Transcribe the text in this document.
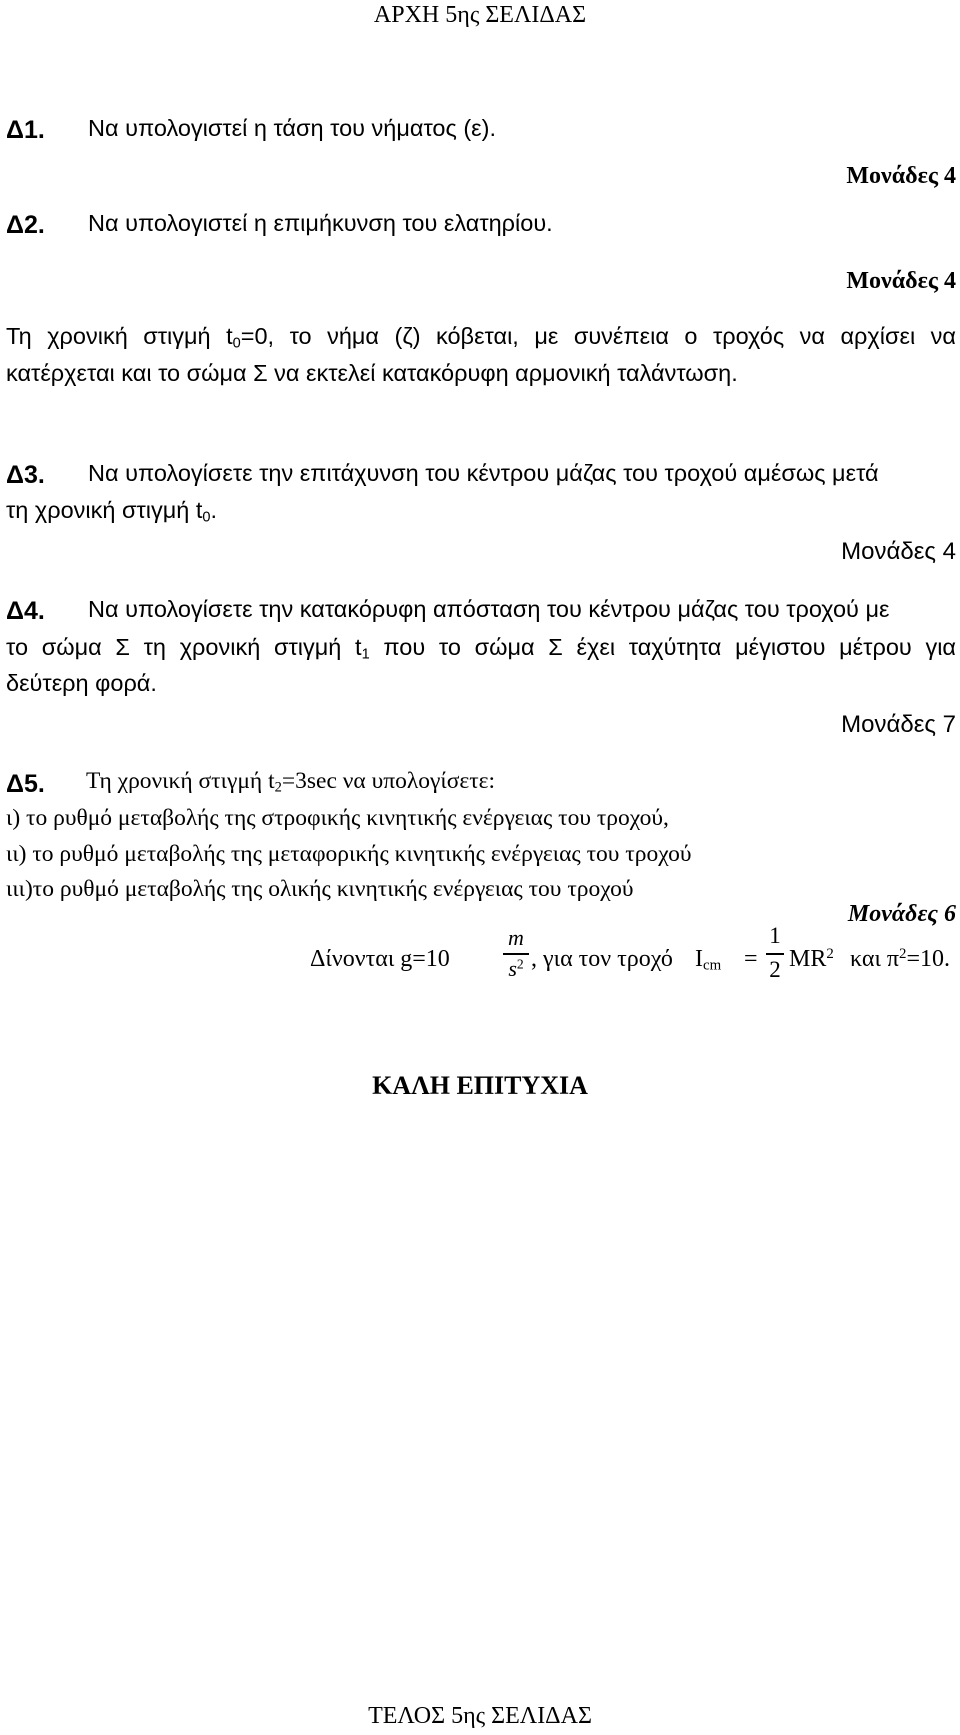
ΑΡΧΗ 5ης ΣΕΛΙΔΑΣ
Δ1. Να υπολογιστεί η τάση του νήματος (ε).
Μονάδες 4
Δ2. Να υπολογιστεί η επιμήκυνση του ελατηρίου.
Μονάδες 4
Τη χρονική στιγμή $t_0=0$, το νήμα (ζ) κόβεται, με συνέπεια ο τροχός να αρχίσει να
κατέρχεται και το σώμα Σ να εκτελεί κατακόρυφη αρμονική ταλάντωση.
Δ3. Να υπολογίσετε την επιτάχυνση του κέντρου μάζας του τροχού αμέσως μετά
τη χρονική στιγμή $t_0$.
Μονάδες 4
Δ4. Να υπολογίσετε την κατακόρυφη απόσταση του κέντρου μάζας του τροχού με
το σώμα Σ τη χρονική στιγμή $t_1$ που το σώμα Σ έχει ταχύτητα μέγιστου μέτρου για
δεύτερη φορά.
Μονάδες 7
Δ5. Τη χρονική στιγμή $t_2=3\sec$ να υπολογίσετε:
ι) το ρυθμό μεταβολής της στροφικής κινητικής ενέργειας του τροχού,
ιι) το ρυθμό μεταβολής της μεταφορικής κινητικής ενέργειας του τροχού
ιιι)το ρυθμό μεταβολής της ολικής κινητικής ενέργειας του τροχού
Μονάδες 6
Δίνονται g=10
m
$s^2$ , για τον τροχό $I_{cm}$ =
1
2 $MR^2$ και $\pi^2=10$.
ΚΑΛΗ ΕΠΙΤΥΧΙΑ
ΤΕΛΟΣ 5ης ΣΕΛΙΔΑΣ
